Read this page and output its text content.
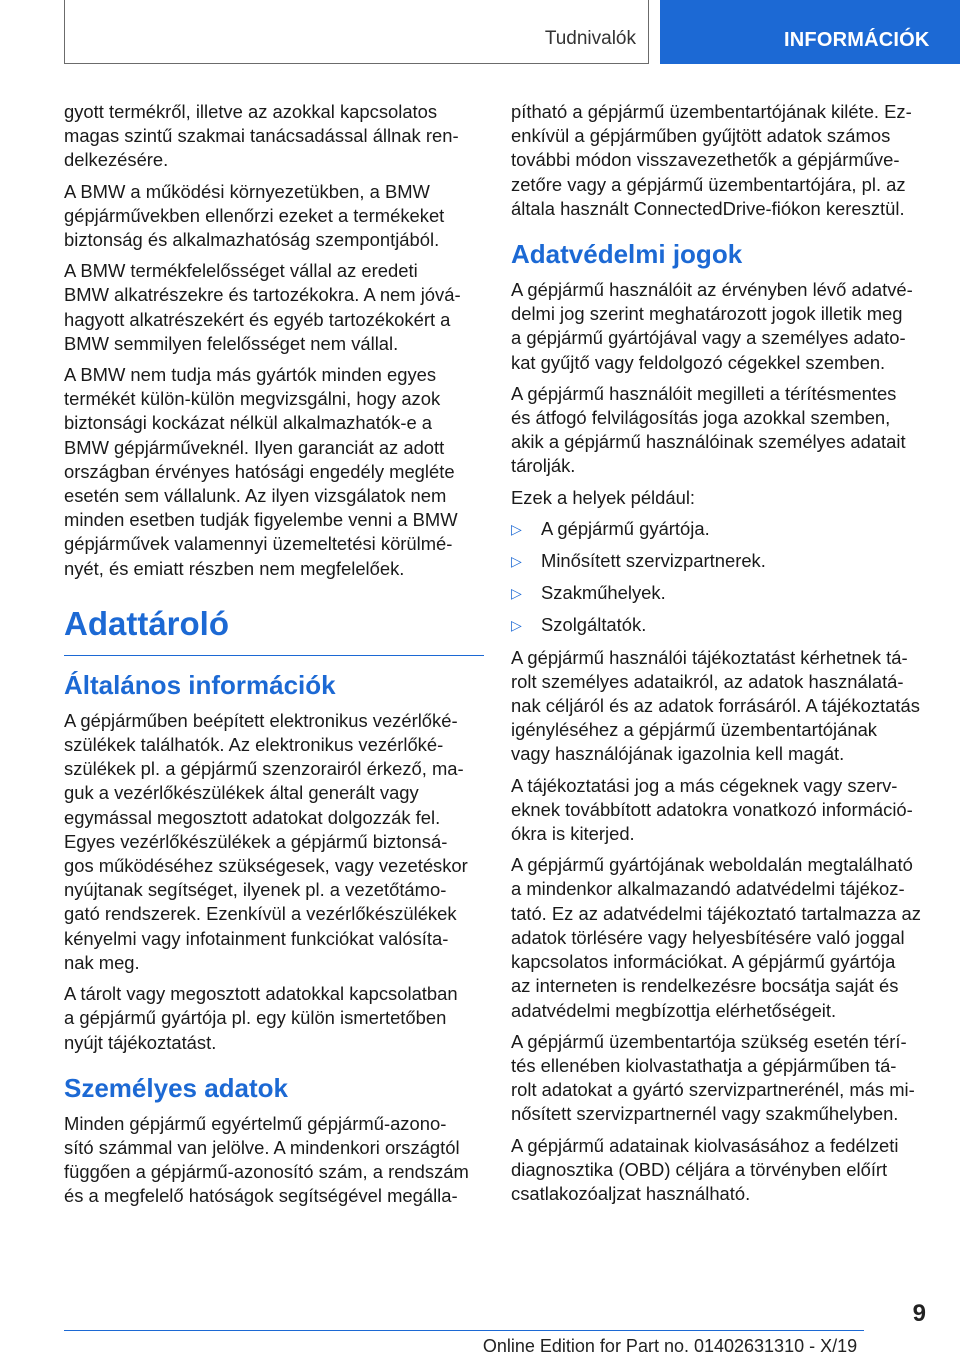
Tudnivalók	INFORMÁCIÓK

gyott termékről, illetve az azokkal kapcsolatos
magas szintű szakmai tanácsadással állnak ren‐
delkezésére.

A BMW a működési környezetükben, a BMW
gépjárművekben ellenőrzi ezeket a termékeket
biztonság és alkalmazhatóság szempontjából.

A BMW termékfelelősséget vállal az eredeti
BMW alkatrészekre és tartozékokra. A nem jóvá‐
hagyott alkatrészekért és egyéb tartozékokért a
BMW semmilyen felelősséget nem vállal.

A BMW nem tudja más gyártók minden egyes
termékét külön-külön megvizsgálni, hogy azok
biztonsági kockázat nélkül alkalmazhatók-e a
BMW gépjárműveknél. Ilyen garanciát az adott
országban érvényes hatósági engedély megléte
esetén sem vállalunk. Az ilyen vizsgálatok nem
minden esetben tudják figyelembe venni a BMW
gépjárművek valamennyi üzemeltetési körülmé‐
nyét, és emiatt részben nem megfelelőek.

Adattároló
Általános információk

A gépjárműben beépített elektronikus vezérlőké‐
szülékek találhatók. Az elektronikus vezérlőké‐
szülékek pl. a gépjármű szenzorairól érkező, ma‐
guk a vezérlőkészülékek által generált vagy
egymással megosztott adatokat dolgozzák fel.
Egyes vezérlőkészülékek a gépjármű biztonsá‐
gos működéséhez szükségesek, vagy vezetéskor
nyújtanak segítséget, ilyenek pl. a vezetőtámo‐
gató rendszerek. Ezenkívül a vezérlőkészülékek
kényelmi vagy infotainment funkciókat valósíta‐
nak meg.

A tárolt vagy megosztott adatokkal kapcsolatban
a gépjármű gyártója pl. egy külön ismertetőben
nyújt tájékoztatást.

Személyes adatok

Minden gépjármű egyértelmű gépjármű-azono‐
sító számmal van jelölve. A mindenkori országtól
függően a gépjármű-azonosító szám, a rendszám
és a megfelelő hatóságok segítségével megálla‐

pítható a gépjármű üzembentartójának kiléte. Ez‐
enkívül a gépjárműben gyűjtött adatok számos
további módon visszavezethetők a gépjárműve‐
zetőre vagy a gépjármű üzembentartójára, pl. az
általa használt ConnectedDrive-fiókon keresztül.

Adatvédelmi jogok

A gépjármű használóit az érvényben lévő adatvé‐
delmi jog szerint meghatározott jogok illetik meg
a gépjármű gyártójával vagy a személyes adato‐
kat gyűjtő vagy feldolgozó cégekkel szemben.

A gépjármű használóit megilleti a térítésmentes
és átfogó felvilágosítás joga azokkal szemben,
akik a gépjármű használóinak személyes adatait
tárolják.

Ezek a helyek például:

▷ A gépjármű gyártója.
▷ Minősített szervizpartnerek.
▷ Szakműhelyek.
▷ Szolgáltatók.

A gépjármű használói tájékoztatást kérhetnek tá‐
rolt személyes adataikról, az adatok használatá‐
nak céljáról és az adatok forrásáról. A tájékoztatás
igényléséhez a gépjármű üzembentartójának
vagy használójának igazolnia kell magát.

A tájékoztatási jog a más cégeknek vagy szerv‐
eknek továbbított adatokra vonatkozó információ‐
ókra is kiterjed.

A gépjármű gyártójának weboldalán megtalálható
a mindenkor alkalmazandó adatvédelmi tájékoz‐
tató. Ez az adatvédelmi tájékoztató tartalmazza az
adatok törlésére vagy helyesbítésére való joggal
kapcsolatos információkat. A gépjármű gyártója
az interneten is rendelkezésre bocsátja saját és
adatvédelmi megbízottja elérhetőségeit.

A gépjármű üzembentartója szükség esetén térí‐
tés ellenében kiolvastathatja a gépjárműben tá‐
rolt adatokat a gyártó szervizpartnerénél, más mi‐
nősített szervizpartnernél vagy szakműhelyben.

A gépjármű adatainak kiolvasásához a fedélzeti
diagnosztika (OBD) céljára a törvényben előírt
csatlakozóaljzat használható.

9
Online Edition for Part no. 01402631310 - X/19
